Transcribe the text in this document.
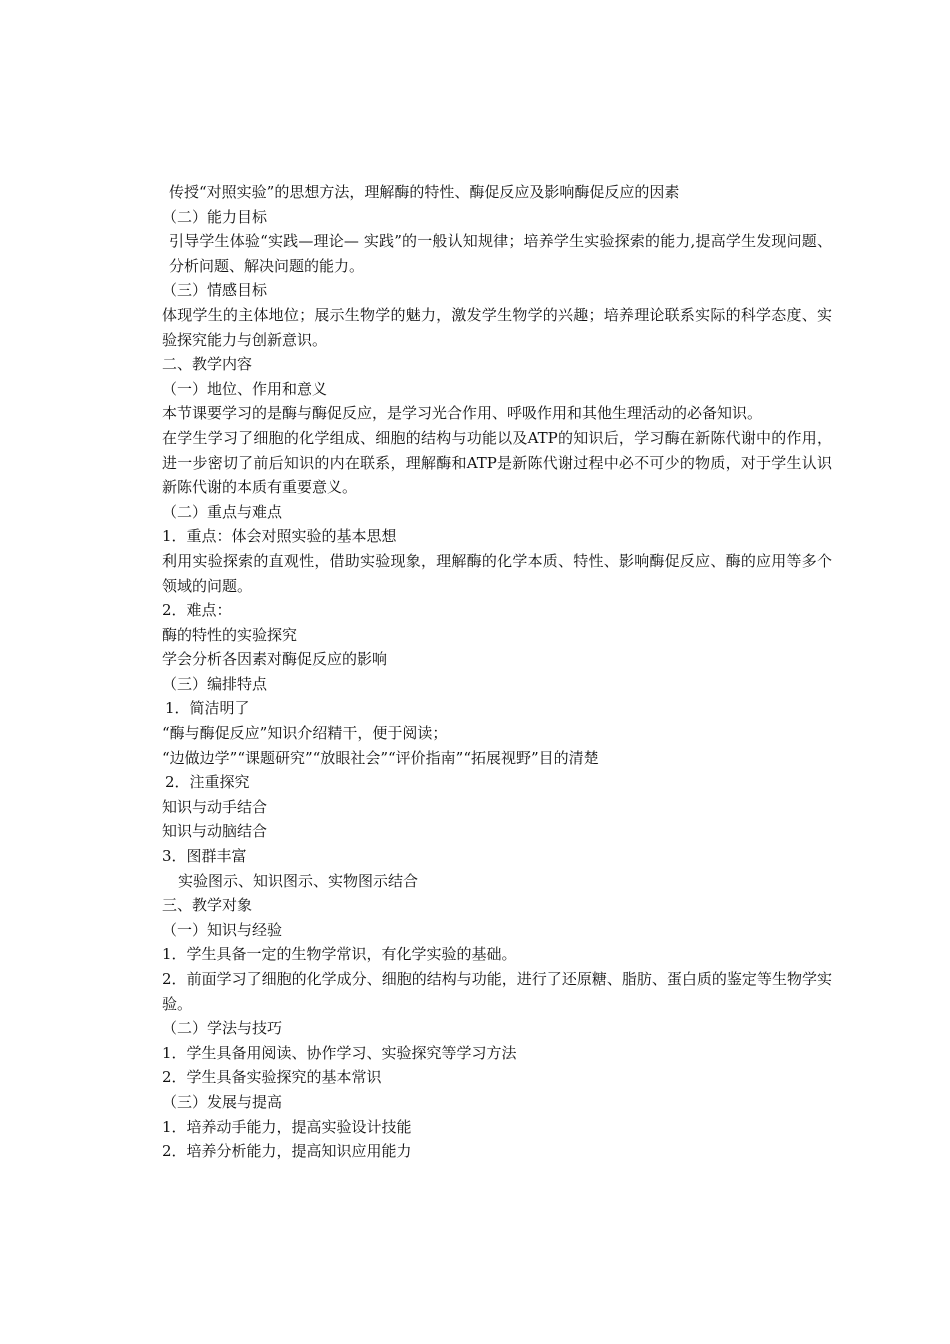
传授“对照实验”的思想方法，理解酶的特性、酶促反应及影响酶促反应的因素

（二）能力目标

引导学生体验“实践—理论— 实践”的一般认知规律；培养学生实验探索的能力,提高学生发现问题、分析问题、解决问题的能力。

（三）情感目标

体现学生的主体地位；展示生物学的魅力，激发学生物学的兴趣；培养理论联系实际的科学态度、实验探究能力与创新意识。

二、教学内容

（一）地位、作用和意义

本节课要学习的是酶与酶促反应，是学习光合作用、呼吸作用和其他生理活动的必备知识。

在学生学习了细胞的化学组成、细胞的结构与功能以及ATP的知识后，学习酶在新陈代谢中的作用，进一步密切了前后知识的内在联系，理解酶和ATP是新陈代谢过程中必不可少的物质，对于学生认识新陈代谢的本质有重要意义。

（二）重点与难点

1．重点：体会对照实验的基本思想

利用实验探索的直观性，借助实验现象，理解酶的化学本质、特性、影响酶促反应、酶的应用等多个领域的问题。

2．难点：

酶的特性的实验探究

学会分析各因素对酶促反应的影响

（三）编排特点

1．简洁明了

“酶与酶促反应”知识介绍精干，便于阅读；

“边做边学”“课题研究”“放眼社会”“评价指南”“拓展视野”目的清楚

2．注重探究

知识与动手结合

知识与动脑结合

3．图群丰富

实验图示、知识图示、实物图示结合

三、教学对象

（一）知识与经验

1．学生具备一定的生物学常识，有化学实验的基础。

2．前面学习了细胞的化学成分、细胞的结构与功能，进行了还原糖、脂肪、蛋白质的鉴定等生物学实验。

（二）学法与技巧

1．学生具备用阅读、协作学习、实验探究等学习方法

2．学生具备实验探究的基本常识

（三）发展与提高

1．培养动手能力，提高实验设计技能

2．培养分析能力，提高知识应用能力
